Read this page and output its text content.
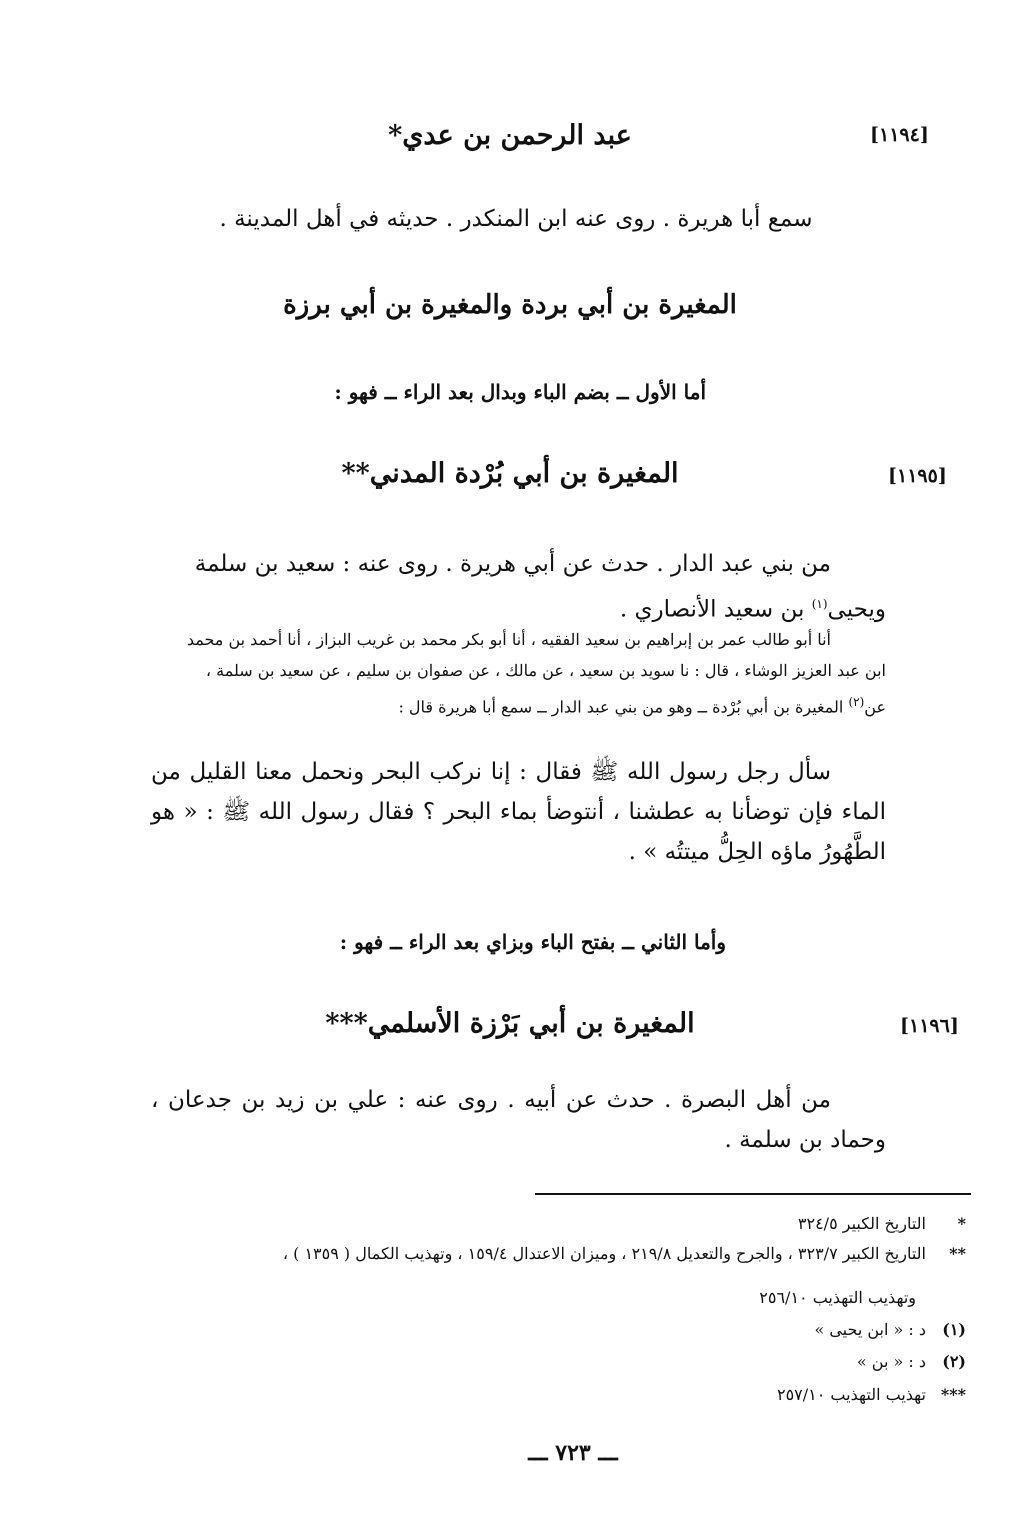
[١١٩٤]
عبد الرحمن بن عدي*
سمع أبا هريرة . روى عنه ابن المنكدر . حديثه في أهل المدينة .
المغيرة بن أبي بردة والمغيرة بن أبي برزة
أما الأول ــ بضم الباء وبدال بعد الراء ــ فهو :
[١١٩٥]
المغيرة بن أبي بُرْدة المدني**
من بني عبد الدار . حدث عن أبي هريرة . روى عنه : سعيد بن سلمة
ويحيى$^{(١)}$ بن سعيد الأنصاري .
أنا أبو طالب عمر بن إبراهيم بن سعيد الفقيه ، أنا أبو بكر محمد بن غريب البزاز ، أنا أحمد بن محمد
ابن عبد العزيز الوشاء ، قال : نا سويد بن سعيد ، عن مالك ، عن صفوان بن سليم ، عن سعيد بن سلمة ،
عن$^{(٢)}$ المغيرة بن أبي بُرْدة ــ وهو من بني عبد الدار ــ سمع أبا هريرة قال :
سأل رجل رسول الله ﷺ فقال : إنا نركب البحر ونحمل معنا القليل من الماء فإن توضأنا به عطشنا ، أنتوضأ بماء البحر ؟ فقال رسول الله ﷺ : « هو الطَّهُورُ ماؤه الحِلُّ ميتتُه » .
وأما الثاني ــ بفتح الباء وبزاي بعد الراء ــ فهو :
[١١٩٦]
المغيرة بن أبي بَرْزة الأسلمي***
من أهل البصرة . حدث عن أبيه . روى عنه : علي بن زيد بن جدعان ، وحماد بن سلمة .
*التاريخ الكبير ٣٢٤/٥
**التاريخ الكبير ٣٢٣/٧ ، والجرح والتعديل ٢١٩/٨ ، وميزان الاعتدال ١٥٩/٤ ، وتهذيب الكمال ( ١٣٥٩ ) ،
وتهذيب التهذيب ٢٥٦/١٠
(١)د : « ابن يحيى »
(٢)د : « بن »
***تهذيب التهذيب ٢٥٧/١٠
ـــ ٧٢٣ ـــ
